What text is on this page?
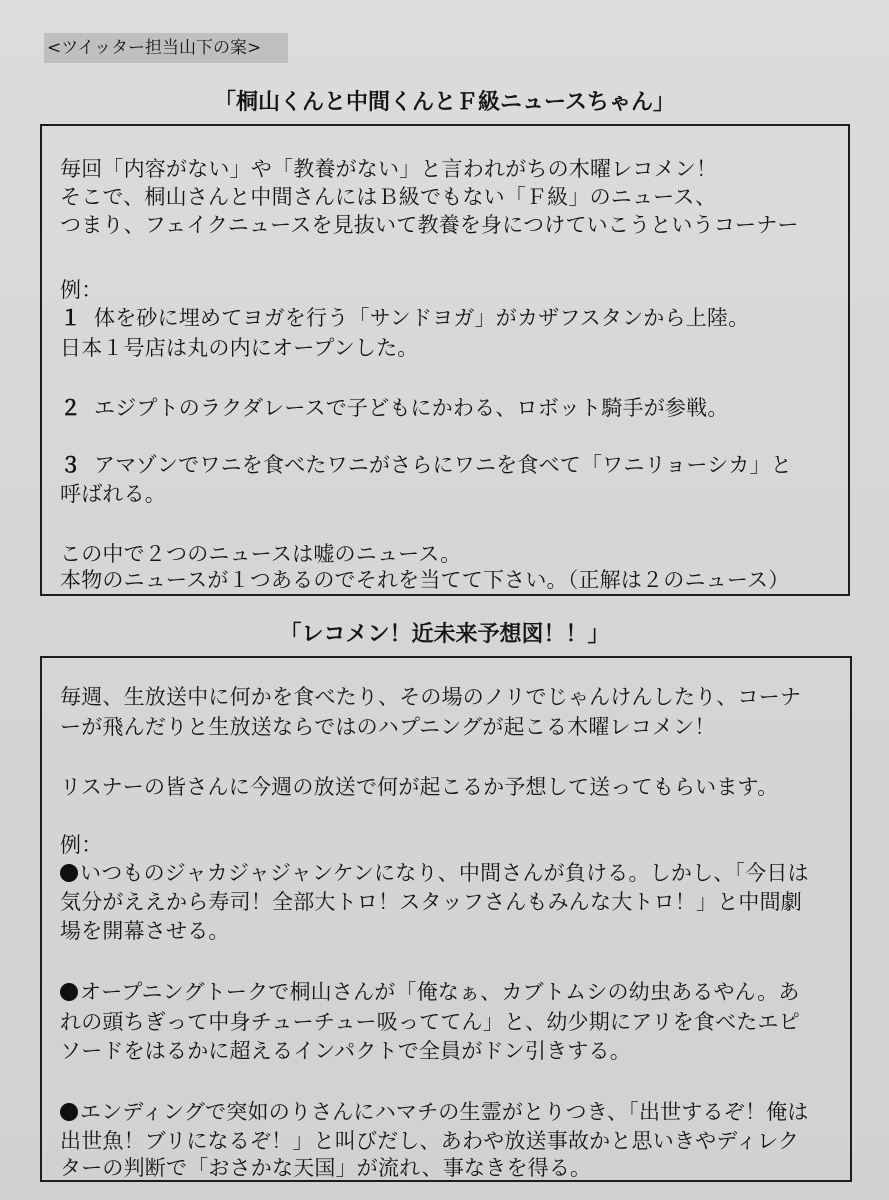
<ツイッター担当山下の案>
「桐山くんと中間くんとＦ級ニュースちゃん」
毎回「内容がない」や「教養がない」と言われがちの木曜レコメン！
そこで、桐山さんと中間さんにはＢ級でもない「Ｆ級」のニュース、
つまり、フェイクニュースを見抜いて教養を身につけていこうというコーナー
例：
１ 体を砂に埋めてヨガを行う「サンドヨガ」がカザフスタンから上陸。
日本１号店は丸の内にオープンした。
２ エジプトのラクダレースで子どもにかわる、ロボット騎手が参戦。
３ アマゾンでワニを食べたワニがさらにワニを食べて「ワニリョーシカ」と
呼ばれる。
この中で２つのニュースは嘘のニュース。
本物のニュースが１つあるのでそれを当てて下さい。（正解は２のニュース）
「レコメン！近未来予想図！！」
毎週、生放送中に何かを食べたり、その場のノリでじゃんけんしたり、コーナ
ーが飛んだりと生放送ならではのハプニングが起こる木曜レコメン！
リスナーの皆さんに今週の放送で何が起こるか予想して送ってもらいます。
例：
いつものジャカジャジャンケンになり、中間さんが負ける。しかし、「今日は
気分がええから寿司！全部大トロ！スタッフさんもみんな大トロ！」と中間劇
場を開幕させる。
オープニングトークで桐山さんが「俺なぁ、カブトムシの幼虫あるやん。あ
れの頭ちぎって中身チューチュー吸っててん」と、幼少期にアリを食べたエピ
ソードをはるかに超えるインパクトで全員がドン引きする。
エンディングで突如のりさんにハマチの生霊がとりつき、「出世するぞ！俺は
出世魚！ブリになるぞ！」と叫びだし、あわや放送事故かと思いきやディレク
ターの判断で「おさかな天国」が流れ、事なきを得る。
